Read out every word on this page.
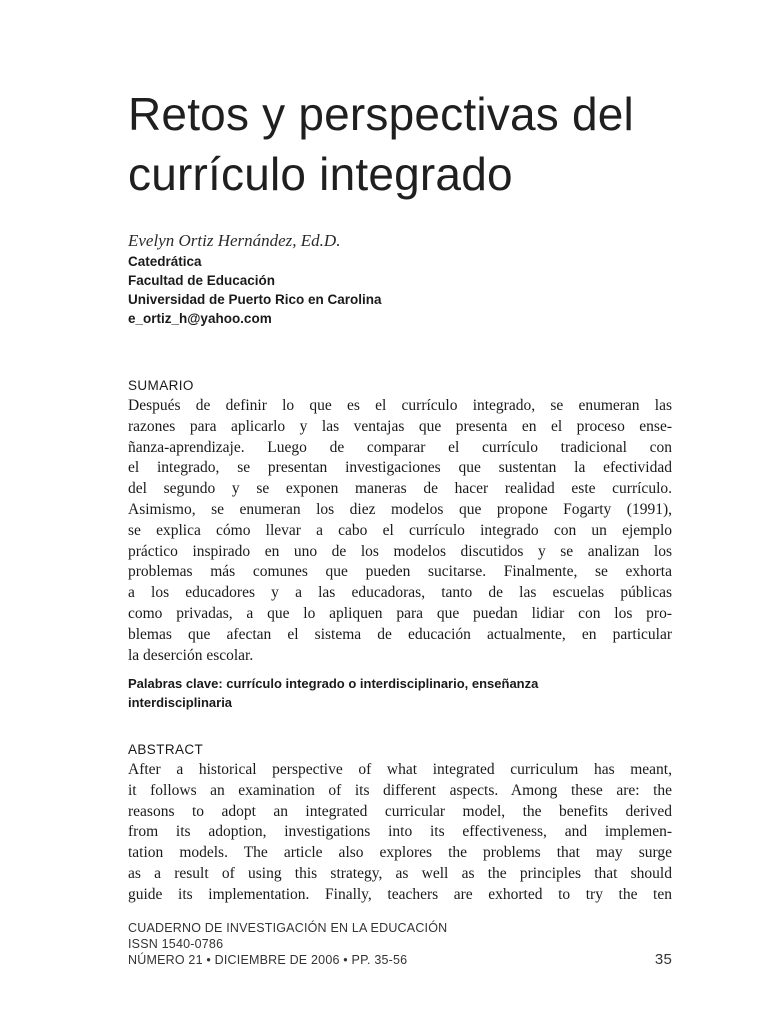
Retos y perspectivas del
currículo integrado
Evelyn Ortiz Hernández, Ed.D.
Catedrática
Facultad de Educación
Universidad de Puerto Rico en Carolina
e_ortiz_h@yahoo.com
SUMARIO
Después de definir lo que es el currículo integrado, se enumeran las
razones para aplicarlo y las ventajas que presenta en el proceso ense-
ñanza-aprendizaje. Luego de comparar el currículo tradicional con
el integrado, se presentan investigaciones que sustentan la efectividad
del segundo y se exponen maneras de hacer realidad este currículo.
Asimismo, se enumeran los diez modelos que propone Fogarty (1991),
se explica cómo llevar a cabo el currículo integrado con un ejemplo
práctico inspirado en uno de los modelos discutidos y se analizan los
problemas más comunes que pueden sucitarse. Finalmente, se exhorta
a los educadores y a las educadoras, tanto de las escuelas públicas
como privadas, a que lo apliquen para que puedan lidiar con los pro-
blemas que afectan el sistema de educación actualmente, en particular
la deserción escolar.
Palabras clave: currículo integrado o interdisciplinario, enseñanza
interdisciplinaria
ABSTRACT
After a historical perspective of what integrated curriculum has meant,
it follows an examination of its different aspects. Among these are: the
reasons to adopt an integrated curricular model, the benefits derived
from its adoption, investigations into its effectiveness, and implemen-
tation models. The article also explores the problems that may surge
as a result of using this strategy, as well as the principles that should
guide its implementation. Finally, teachers are exhorted to try the ten
CUADERNO DE INVESTIGACIÓN EN LA EDUCACIÓN
ISSN 1540-0786
NÚMERO 21 • DICIEMBRE DE 2006 • PP. 35-56	35
